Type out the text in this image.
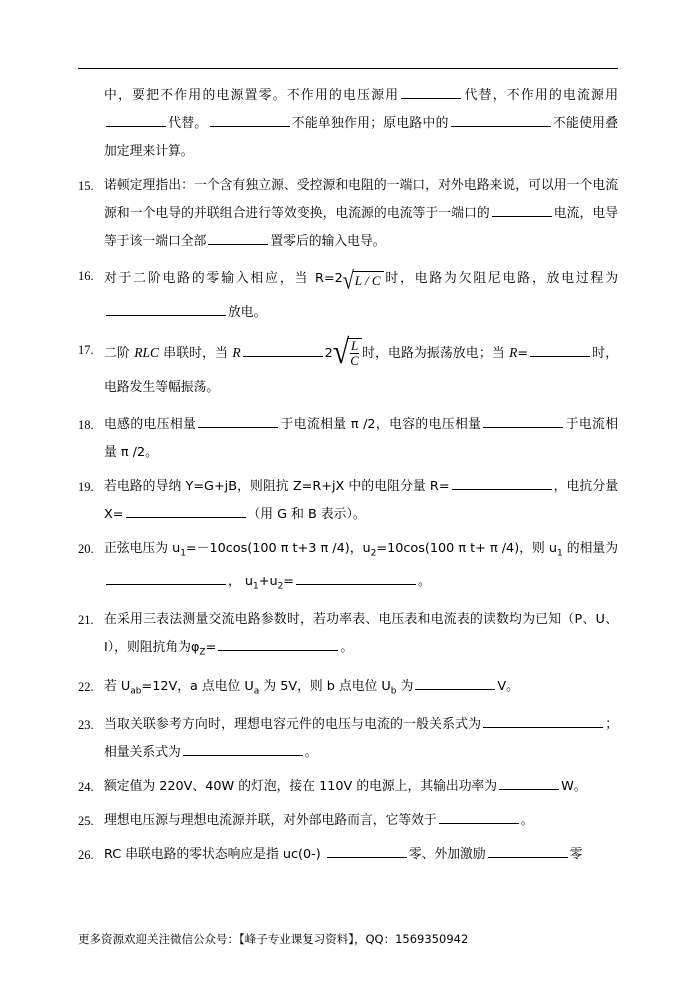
中，要把不作用的电源置零。不作用的电压源用	代替，不作用的电流源用代替。	不能单独作用；原电路中的	不能使用叠加定理来计算。
15. 诺顿定理指出：一个含有独立源、受控源和电阻的一端口，对外电路来说，可以用一个电流源和一个电导的并联组合进行等效变换，电流源的电流等于一端口的	电流，电导等于该一端口全部	置零后的输入电导。
16. 对于二阶电路的零输入相应，当 R=2 √ L / C 时，电路为欠阻尼电路，放电过程为放电。
17. 二阶 RLC 串联时，当 R	2 √ $\frac{L}{C}$ 时，电路为振荡放电；当 R=	时，电路发生等幅振荡。
18. 电感的电压相量	于电流相量 π /2，电容的电压相量	于电流相量 π /2。
19. 若电路的导纳 Y=G+jB，则阻抗 Z=R+jX 中的电阻分量 R=	，电抗分量 X=	（用 G 和 B 表示）。
20. 正弦电压为 $u_1=-10\cos(100$ π t+3 π /4)，$u_2=10\cos(100$ π t+ π /4)，则 $u_1$ 的相量为， $u_1+u_2=$	。
21. 在采用三表法测量交流电路参数时，若功率表、电压表和电流表的读数均为已知（P、U、I），则阻抗角为$\varphi_Z=$	。
22. 若 $U_{ab}=12V$，a 点电位 $U_a$ 为 5V，则 b 点电位 $U_b$ 为	V。
23. 当取关联参考方向时，理想电容元件的电压与电流的一般关系式为	；相量关系式为	。
24. 额定值为 220V、40W 的灯泡，接在 110V 的电源上，其输出功率为	W。
25. 理想电压源与理想电流源并联，对外部电路而言，它等效于	。
26. RC 串联电路的零状态响应是指 uc(0-)	零、外加激励	零
更多资源欢迎关注微信公众号：【峰子专业课复习资料】，QQ：1569350942
